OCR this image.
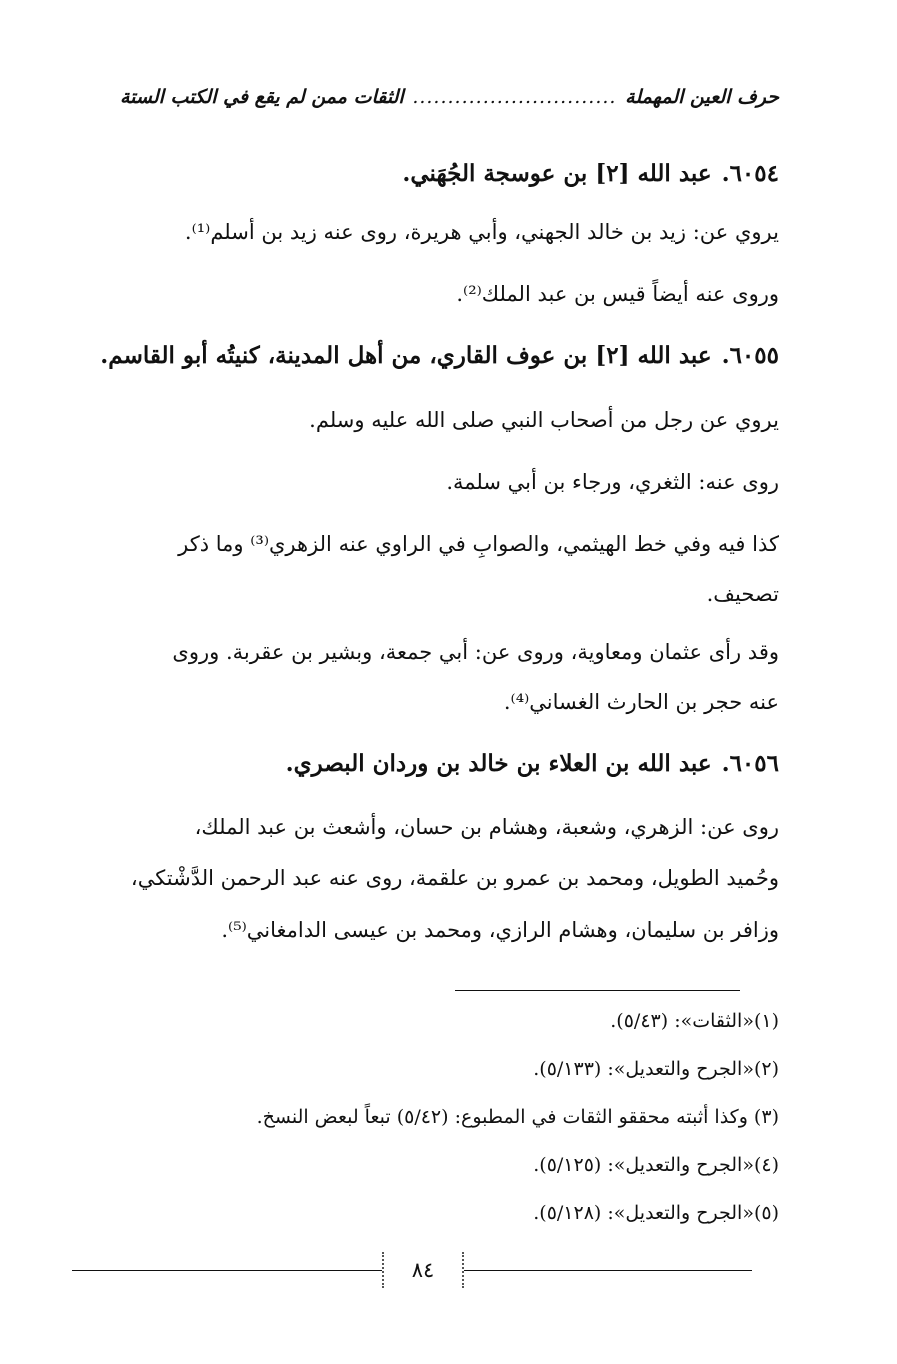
حرف العين المهملة
.............................
الثقات ممن لم يقع في الكتب الستة
٦٠٥٤.عبد الله [٢] بن عوسجة الجُهَني.
يروي عن: زيد بن خالد الجهني، وأبي هريرة، روى عنه زيد بن أسلم⁽¹⁾.
وروى عنه أيضاً قيس بن عبد الملك⁽²⁾.
٦٠٥٥.عبد الله [٢] بن عوف القاري، من أهل المدينة، كنيتُه أبو القاسم.
يروي عن رجل من أصحاب النبي صلى الله عليه وسلم.
روى عنه: الثغري، ورجاء بن أبي سلمة.
كذا فيه وفي خط الهيثمي، والصوابِ في الراوي عنه الزهري⁽³⁾ وما ذكر
تصحيف.
وقد رأى عثمان ومعاوية، وروى عن: أبي جمعة، وبشير بن عقربة. وروى
عنه حجر بن الحارث الغساني⁽⁴⁾.
٦٠٥٦.عبد الله بن العلاء بن خالد بن وردان البصري.
روى عن: الزهري، وشعبة، وهشام بن حسان، وأشعث بن عبد الملك،
وحُميد الطويل، ومحمد بن عمرو بن علقمة، روى عنه عبد الرحمن الدَّشْتكي،
وزافر بن سليمان، وهشام الرازي، ومحمد بن عيسى الدامغاني⁽⁵⁾.
(١)«الثقات»: (٥/٤٣).
(٢)«الجرح والتعديل»: (٥/١٣٣).
(٣) وكذا أثبته محققو الثقات في المطبوع: (٥/٤٢) تبعاً لبعض النسخ.
(٤)«الجرح والتعديل»: (٥/١٢٥).
(٥)«الجرح والتعديل»: (٥/١٢٨).
٨٤
